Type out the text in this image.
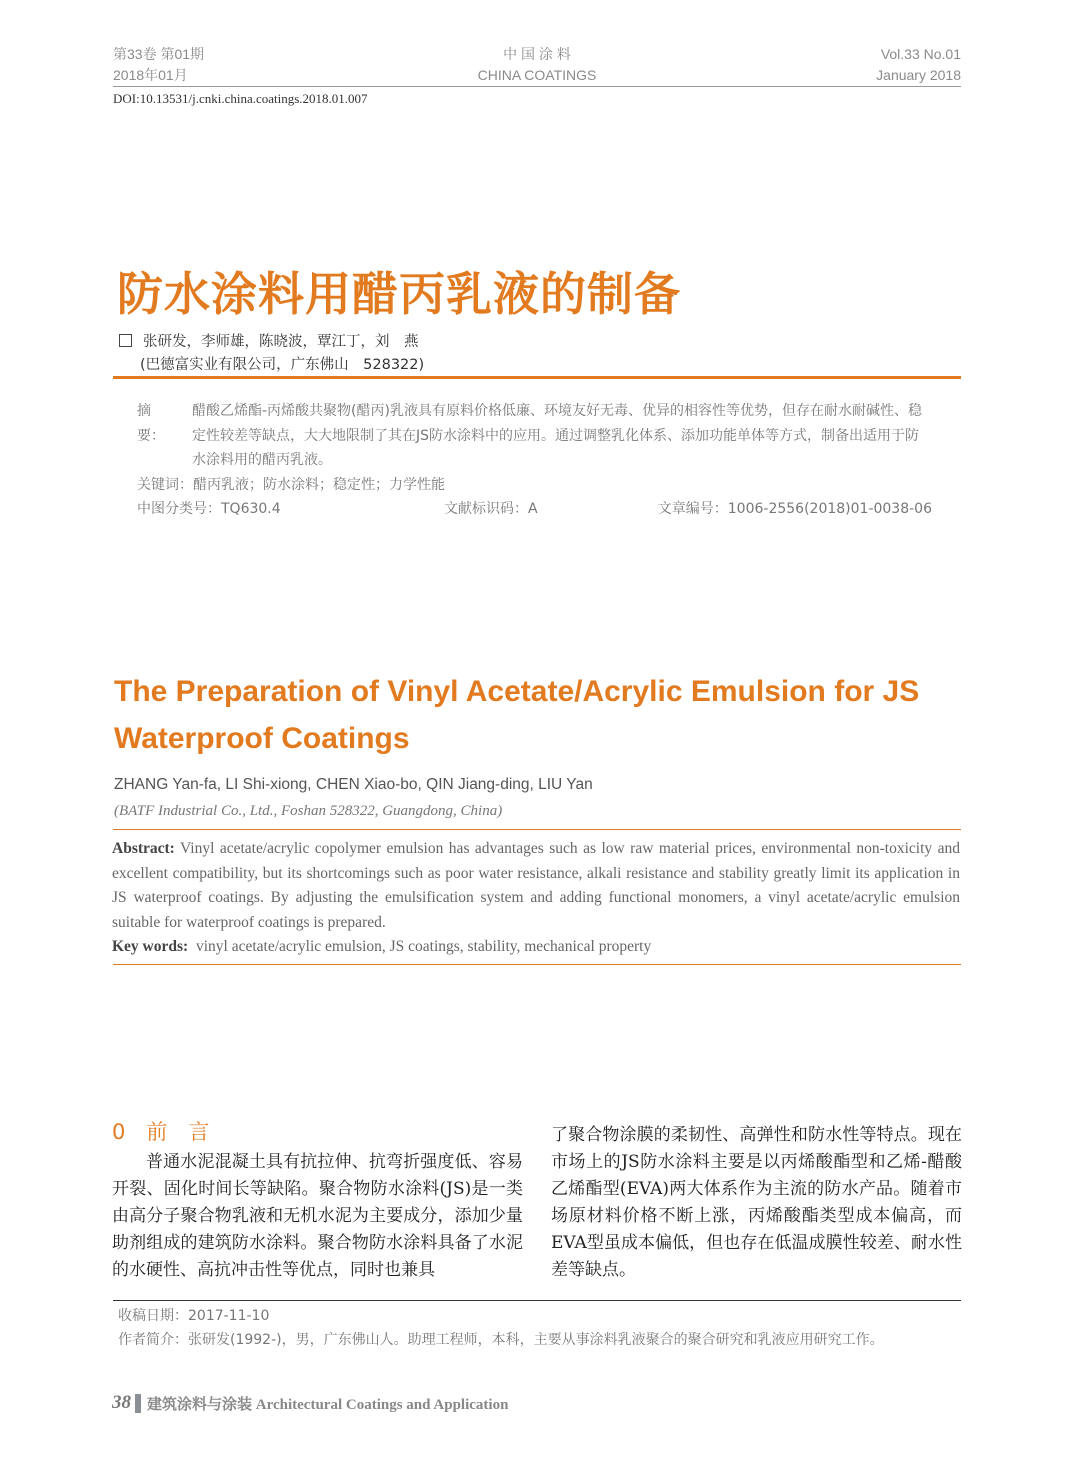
第33卷 第01期
2018年01月
中 国 涂 料
CHINA COATINGS
Vol.33 No.01
January 2018
DOI:10.13531/j.cnki.china.coatings.2018.01.007
防水涂料用醋丙乳液的制备
张研发，李师雄，陈晓波，覃江丁，刘　燕
(巴德富实业有限公司，广东佛山　528322)
摘　要：
醋酸乙烯酯-丙烯酸共聚物(醋丙)乳液具有原料价格低廉、环境友好无毒、优异的相容性等优势，但存在耐水耐碱性、稳定性较差等缺点，大大地限制了其在JS防水涂料中的应用。通过调整乳化体系、添加功能单体等方式，制备出适用于防水涂料用的醋丙乳液。
关键词：醋丙乳液；防水涂料；稳定性；力学性能
中图分类号：TQ630.4	文献标识码：A	文章编号：1006-2556(2018)01-0038-06
The Preparation of Vinyl Acetate/Acrylic Emulsion for JS Waterproof Coatings
ZHANG Yan-fa, LI Shi-xiong, CHEN Xiao-bo, QIN Jiang-ding, LIU Yan
(BATF Industrial Co., Ltd., Foshan 528322, Guangdong, China)
Abstract: Vinyl acetate/acrylic copolymer emulsion has advantages such as low raw material prices, environmental non-toxicity and excellent compatibility, but its shortcomings such as poor water resistance, alkali resistance and stability greatly limit its application in JS waterproof coatings. By adjusting the emulsification system and adding functional monomers, a vinyl acetate/acrylic emulsion suitable for waterproof coatings is prepared.
Key words: vinyl acetate/acrylic emulsion, JS coatings, stability, mechanical property
0　前　言
普通水泥混凝土具有抗拉伸、抗弯折强度低、容易开裂、固化时间长等缺陷。聚合物防水涂料(JS)是一类由高分子聚合物乳液和无机水泥为主要成分，添加少量助剂组成的建筑防水涂料。聚合物防水涂料具备了水泥的水硬性、高抗冲击性等优点，同时也兼具
了聚合物涂膜的柔韧性、高弹性和防水性等特点。现在市场上的JS防水涂料主要是以丙烯酸酯型和乙烯-醋酸乙烯酯型(EVA)两大体系作为主流的防水产品。随着市场原材料价格不断上涨，丙烯酸酯类型成本偏高，而EVA型虽成本偏低，但也存在低温成膜性较差、耐水性差等缺点。
收稿日期：2017-11-10
作者简介：张研发(1992-)，男，广东佛山人。助理工程师，本科，主要从事涂料乳液聚合的聚合研究和乳液应用研究工作。
38 建筑涂料与涂装 Architectural Coatings and Application
